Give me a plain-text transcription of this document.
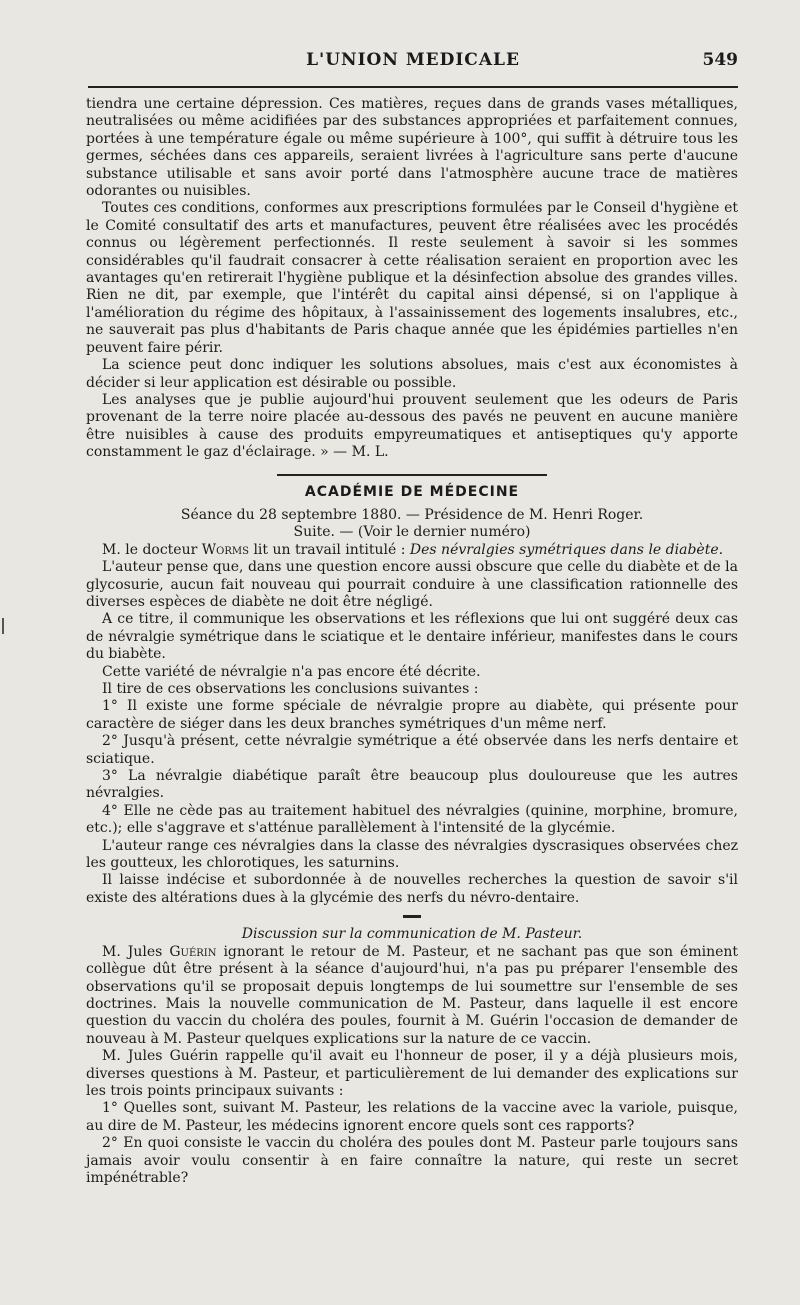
L'UNION MEDICALE	549

tiendra une certaine dépression. Ces matières, reçues dans de grands vases métalliques, neutralisées ou même acidifiées par des substances appropriées et parfaitement connues, portées à une température égale ou même supérieure à 100°, qui suffit à détruire tous les germes, séchées dans ces appareils, seraient livrées à l'agriculture sans perte d'aucune substance utilisable et sans avoir porté dans l'atmosphère aucune trace de matières odorantes ou nuisibles.

Toutes ces conditions, conformes aux prescriptions formulées par le Conseil d'hygiène et le Comité consultatif des arts et manufactures, peuvent être réalisées avec les procédés connus ou légèrement perfectionnés. Il reste seulement à savoir si les sommes considérables qu'il faudrait consacrer à cette réalisation seraient en proportion avec les avantages qu'en retirerait l'hygiène publique et la désinfection absolue des grandes villes. Rien ne dit, par exemple, que l'intérêt du capital ainsi dépensé, si on l'applique à l'amélioration du régime des hôpitaux, à l'assainissement des logements insalubres, etc., ne sauverait pas plus d'habitants de Paris chaque année que les épidémies partielles n'en peuvent faire périr.

La science peut donc indiquer les solutions absolues, mais c'est aux économistes à décider si leur application est désirable ou possible.

Les analyses que je publie aujourd'hui prouvent seulement que les odeurs de Paris provenant de la terre noire placée au-dessous des pavés ne peuvent en aucune manière être nuisibles à cause des produits empyreumatiques et antiseptiques qu'y apporte constamment le gaz d'éclairage. » — M. L.

ACADÉMIE DE MÉDECINE

Séance du 28 septembre 1880. — Présidence de M. Henri Roger.

Suite. — (Voir le dernier numéro)

M. le docteur Worms lit un travail intitulé : Des névralgies symétriques dans le diabète.

L'auteur pense que, dans une question encore aussi obscure que celle du diabète et de la glycosurie, aucun fait nouveau qui pourrait conduire à une classification rationnelle des diverses espèces de diabète ne doit être négligé.

A ce titre, il communique les observations et les réflexions que lui ont suggéré deux cas de névralgie symétrique dans le sciatique et le dentaire inférieur, manifestes dans le cours du biabète.

Cette variété de névralgie n'a pas encore été décrite.

Il tire de ces observations les conclusions suivantes :

1° Il existe une forme spéciale de névralgie propre au diabète, qui présente pour caractère de siéger dans les deux branches symétriques d'un même nerf.

2° Jusqu'à présent, cette névralgie symétrique a été observée dans les nerfs dentaire et sciatique.

3° La névralgie diabétique paraît être beaucoup plus douloureuse que les autres névralgies.

4° Elle ne cède pas au traitement habituel des névralgies (quinine, morphine, bromure, etc.); elle s'aggrave et s'atténue parallèlement à l'intensité de la glycémie.

L'auteur range ces névralgies dans la classe des névralgies dyscrasiques observées chez les goutteux, les chlorotiques, les saturnins.

Il laisse indécise et subordonnée à de nouvelles recherches la question de savoir s'il existe des altérations dues à la glycémie des nerfs du névro-dentaire.

Discussion sur la communication de M. Pasteur.

M. Jules Guérin ignorant le retour de M. Pasteur, et ne sachant pas que son éminent collègue dût être présent à la séance d'aujourd'hui, n'a pas pu préparer l'ensemble des observations qu'il se proposait depuis longtemps de lui soumettre sur l'ensemble de ses doctrines. Mais la nouvelle communication de M. Pasteur, dans laquelle il est encore question du vaccin du choléra des poules, fournit à M. Guérin l'occasion de demander de nouveau à M. Pasteur quelques explications sur la nature de ce vaccin.

M. Jules Guérin rappelle qu'il avait eu l'honneur de poser, il y a déjà plusieurs mois, diverses questions à M. Pasteur, et particulièrement de lui demander des explications sur les trois points principaux suivants :

1° Quelles sont, suivant M. Pasteur, les relations de la vaccine avec la variole, puisque, au dire de M. Pasteur, les médecins ignorent encore quels sont ces rapports?

2° En quoi consiste le vaccin du choléra des poules dont M. Pasteur parle toujours sans jamais avoir voulu consentir à en faire connaître la nature, qui reste un secret impénétrable?
